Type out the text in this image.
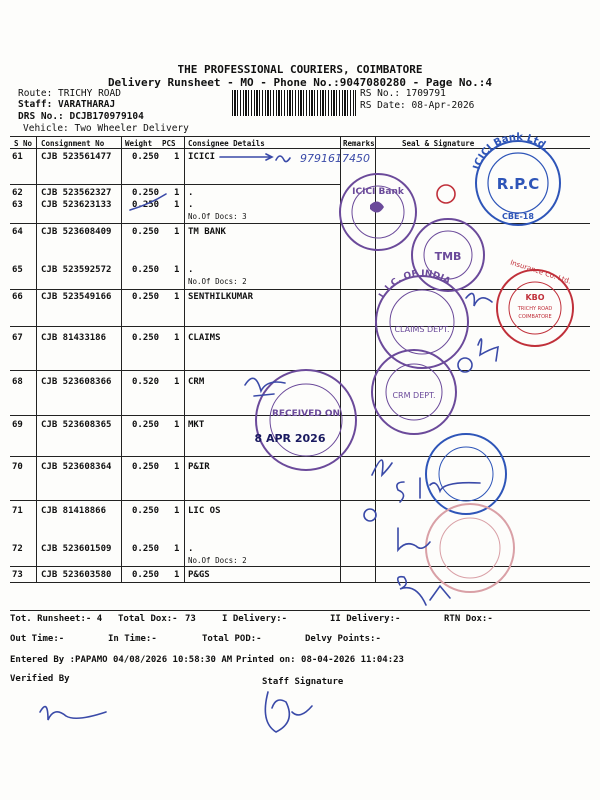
THE PROFESSIONAL COURIERS, COIMBATORE
Delivery Runsheet - MO - Phone No.:9047080280 - Page No.:4
Route: TRICHY ROAD
Staff: VARATHARAJ
DRS No.: DCJB170979104
Vehicle: Two Wheeler Delivery
RS No.: 1709791
RS Date: 08-Apr-2026
S No Consignment No	Weight PCS Consignee Details	Remarks	Seal & Signature
61 CJB 523561477 0.250 1 ICICI
62 CJB 523562327 0.250 1 .
63 CJB 523623133 0.250 1 .
No.Of Docs: 3
64 CJB 523608409 0.250 1 TM BANK
65 CJB 523592572 0.250 1 .
No.Of Docs: 2
66 CJB 523549166 0.250 1 SENTHILKUMAR
67 CJB 81433186	0.250 1 CLAIMS
68 CJB 523608366 0.520 1 CRM
69 CJB 523608365 0.250 1 MKT
70 CJB 523608364 0.250 1 P&IR
71 CJB 81418866	0.250 1 LIC OS
72 CJB 523601509 0.250 1 .
No.Of Docs: 2
73 CJB 523603580 0.250 1 P&GS
Tot. Runsheet:- 4 Total Dox:- 73	I Delivery:-	II Delivery:-	RTN Dox:-
Out Time:-	In Time:-	Total POD:-	Delvy Points:-
Entered By :PAPAMO 04/08/2026 10:58:30 AM Printed on: 08-04-2026 11:04:23
Verified By	Staff Signature
ICICI Bank Ltd.
R.P.C
CBE-18
ICICI Bank
TMB
KBO
TRICHY ROAD
COIMBATORE
Insurance Co. Ltd.
L.I.C. OF INDIA
CLAIMS DEPT.
CRM DEPT.
RECEIVED ON
8 APR 2026
9791617450
